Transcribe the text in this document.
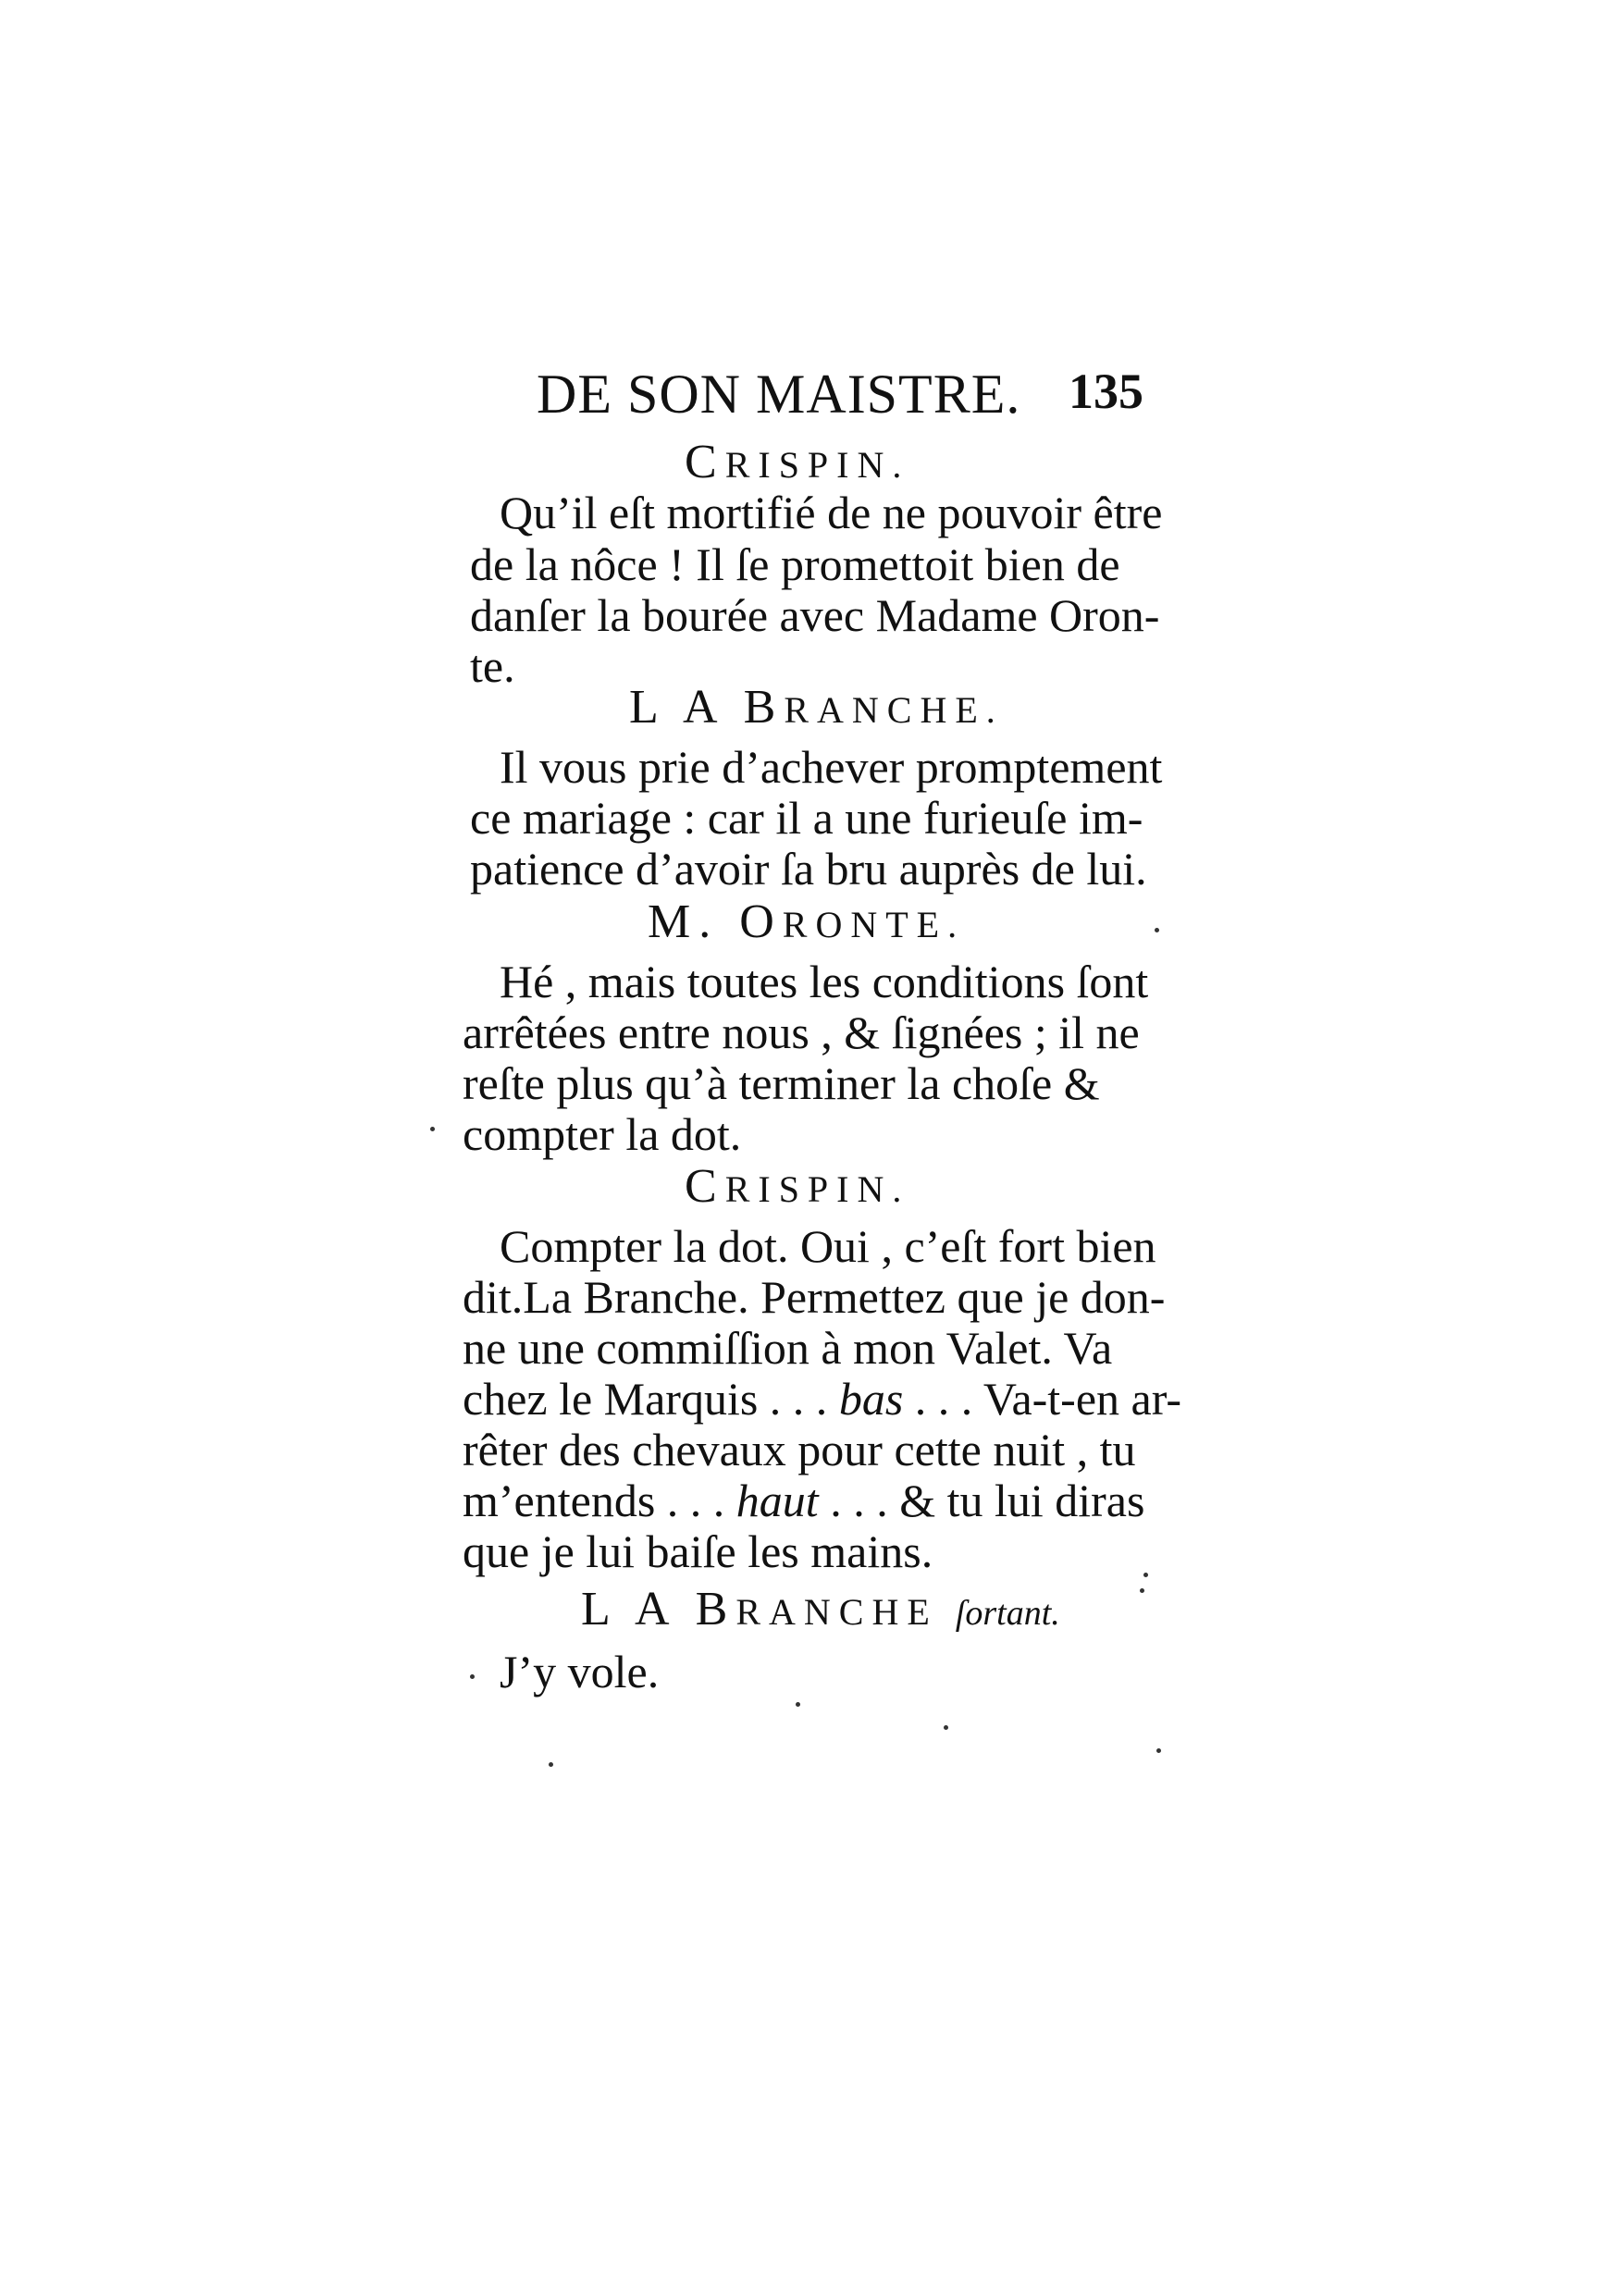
DE SON MAISTRE. 135
CRISPIN.
Qu’il eſt mortifié de ne pouvoir être
de la nôce ! Il ſe promettoit bien de
danſer la bourée avec Madame Oron-
te.
L A BRANCHE.
Il vous prie d’achever promptement
ce mariage : car il a une furieuſe im-
patience d’avoir ſa bru auprès de lui.
M. ORONTE.
Hé , mais toutes les conditions ſont
arrêtées entre nous , & ſignées ; il ne
reſte plus qu’à terminer la choſe &
compter la dot.
CRISPIN.
Compter la dot. Oui , c’eſt fort bien
dit.La Branche. Permettez que je don-
ne une commiſſion à mon Valet. Va
chez le Marquis . . . bas . . . Va-t-en ar-
rêter des chevaux pour cette nuit , tu
m’entends . . . haut . . . & tu lui diras
que je lui baiſe les mains.
L A BRANCHE ſortant.
J’y vole.
